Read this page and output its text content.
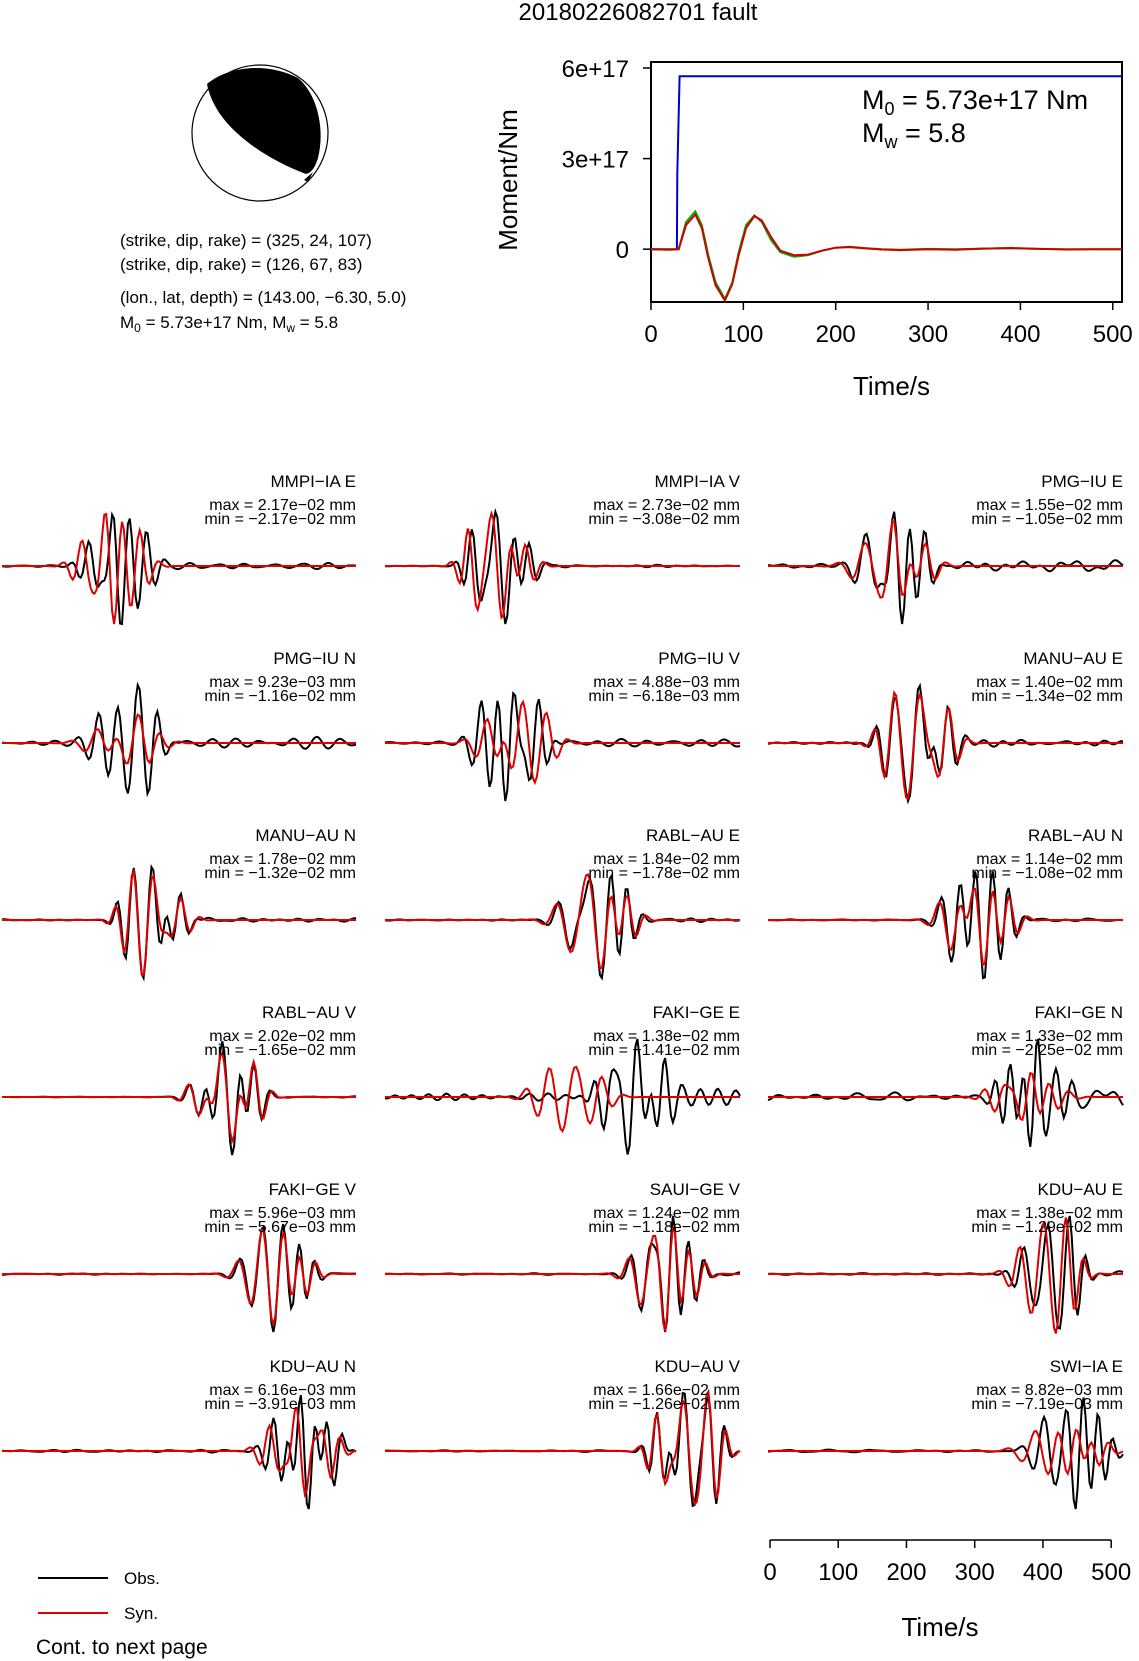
20180226082701 fault
(strike, dip, rake) = (325, 24, 107)
(strike, dip, rake) = (126, 67, 83)
(lon., lat, depth) = (143.00, −6.30, 5.0)
$M_0 = 5.73e+17$ Nm, $M_w = 5.8$	0	100 200 300 400 500
0
3e+17
6e+17
Time/s
Moment/Nm
$M_0 = 5.73e+17$ Nm
$M_w = 5.8$
MMPI−IA E
max = 2.17e−02 mm
min = −2.17e−02 mm
MMPI−IA V
max = 2.73e−02 mm
min = −3.08e−02 mm
PMG−IU E
max = 1.55e−02 mm
min = −1.05e−02 mm
PMG−IU N
max = 9.23e−03 mm
min = −1.16e−02 mm
PMG−IU V
max = 4.88e−03 mm
min = −6.18e−03 mm
MANU−AU E
max = 1.40e−02 mm
min = −1.34e−02 mm
MANU−AU N
max = 1.78e−02 mm
min = −1.32e−02 mm
RABL−AU E
max = 1.84e−02 mm
min = −1.78e−02 mm
RABL−AU N
max = 1.14e−02 mm
min = −1.08e−02 mm
RABL−AU V
max = 2.02e−02 mm
min = −1.65e−02 mm
FAKI−GE E
max = 1.38e−02 mm
min = −1.41e−02 mm
FAKI−GE N
max = 1.33e−02 mm
min = −2.25e−02 mm
FAKI−GE V
max = 5.96e−03 mm
min = −5.67e−03 mm
SAUI−GE V
max = 1.24e−02 mm
min = −1.18e−02 mm
KDU−AU E
max = 1.38e−02 mm
min = −1.29e−02 mm
KDU−AU N
max = 6.16e−03 mm
min = −3.91e−03 mm
KDU−AU V
max = 1.66e−02 mm
min = −1.26e−02 mm
SWI−IA E
max = 8.82e−03 mm
min = −7.19e−03 mm
0 100 200 300 400 500
Time/s
Obs.
Syn.
Cont. to next page
